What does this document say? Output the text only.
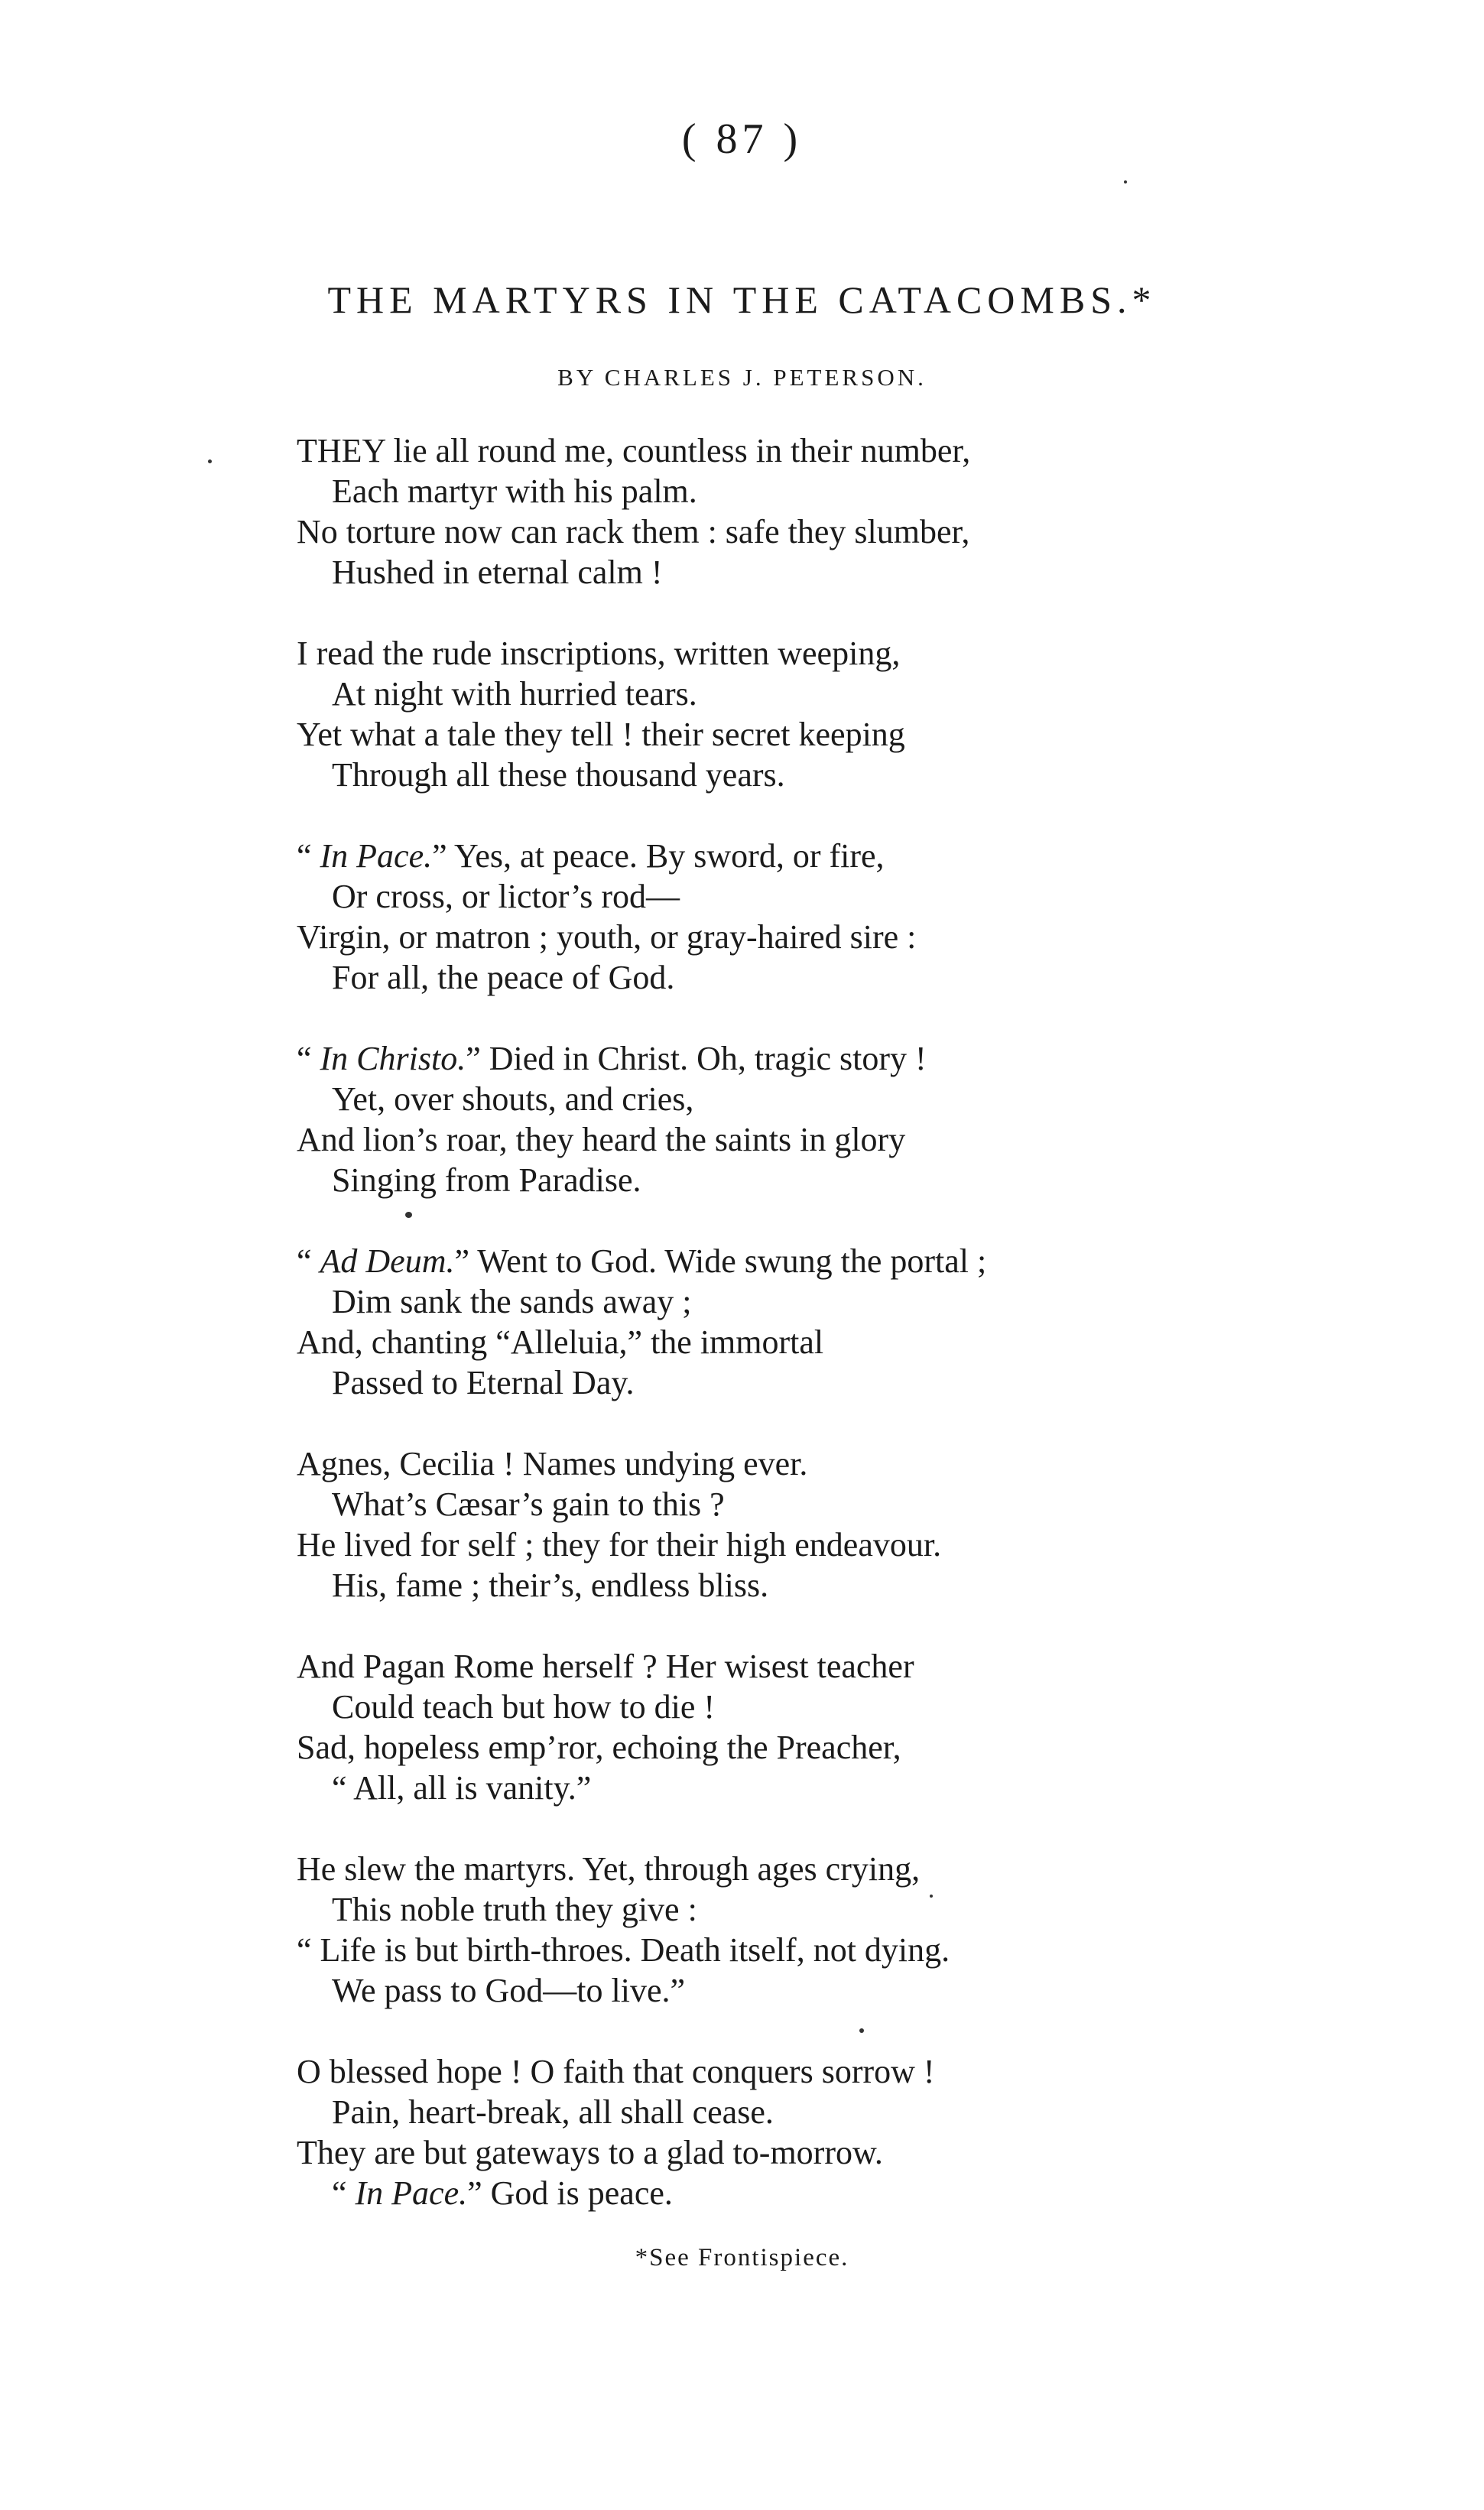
( 87 )
THE MARTYRS IN THE CATACOMBS.*
BY CHARLES J. PETERSON.
THEY lie all round me, countless in their number,
Each martyr with his palm.
No torture now can rack them : safe they slumber,
Hushed in eternal calm !
I read the rude inscriptions, written weeping,
At night with hurried tears.
Yet what a tale they tell ! their secret keeping
Through all these thousand years.
“ In Pace.” Yes, at peace. By sword, or fire,
Or cross, or lictor’s rod—
Virgin, or matron ; youth, or gray-haired sire :
For all, the peace of God.
“ In Christo.” Died in Christ. Oh, tragic story !
Yet, over shouts, and cries,
And lion’s roar, they heard the saints in glory
Singing from Paradise.
“ Ad Deum.” Went to God. Wide swung the portal ;
Dim sank the sands away ;
And, chanting “Alleluia,” the immortal
Passed to Eternal Day.
Agnes, Cecilia ! Names undying ever.
What’s Cæsar’s gain to this ?
He lived for self ; they for their high endeavour.
His, fame ; their’s, endless bliss.
And Pagan Rome herself ? Her wisest teacher
Could teach but how to die !
Sad, hopeless emp’ror, echoing the Preacher,
“ All, all is vanity.”
He slew the martyrs. Yet, through ages crying,
This noble truth they give :
“ Life is but birth-throes. Death itself, not dying.
We pass to God—to live.”
O blessed hope ! O faith that conquers sorrow !
Pain, heart-break, all shall cease.
They are but gateways to a glad to-morrow.
“ In Pace.” God is peace.
*See Frontispiece.
